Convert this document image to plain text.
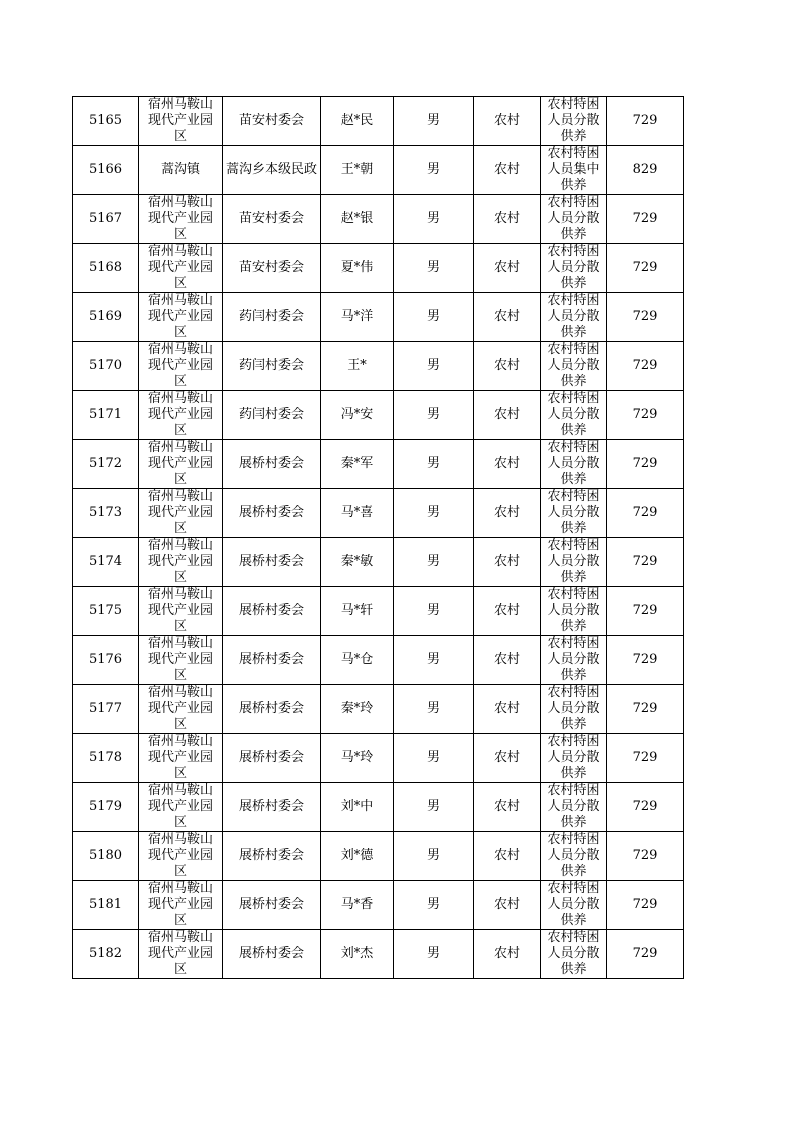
5165	宿州马鞍山现代产业园区	苗安村委会	赵*民	男	农村	农村特困人员分散供养	729

5166	蒿沟镇	蒿沟乡本级民政	王*朝	男	农村	农村特困人员集中供养	829

5167	宿州马鞍山现代产业园区	苗安村委会	赵*银	男	农村	农村特困人员分散供养	729

5168	宿州马鞍山现代产业园区	苗安村委会	夏*伟	男	农村	农村特困人员分散供养	729

5169	宿州马鞍山现代产业园区	药闫村委会	马*洋	男	农村	农村特困人员分散供养	729

5170	宿州马鞍山现代产业园区	药闫村委会	王*	男	农村	农村特困人员分散供养	729

5171	宿州马鞍山现代产业园区	药闫村委会	冯*安	男	农村	农村特困人员分散供养	729

5172	宿州马鞍山现代产业园区	展桥村委会	秦*军	男	农村	农村特困人员分散供养	729

5173	宿州马鞍山现代产业园区	展桥村委会	马*喜	男	农村	农村特困人员分散供养	729

5174	宿州马鞍山现代产业园区	展桥村委会	秦*敏	男	农村	农村特困人员分散供养	729

5175	宿州马鞍山现代产业园区	展桥村委会	马*轩	男	农村	农村特困人员分散供养	729

5176	宿州马鞍山现代产业园区	展桥村委会	马*仓	男	农村	农村特困人员分散供养	729

5177	宿州马鞍山现代产业园区	展桥村委会	秦*玲	男	农村	农村特困人员分散供养	729

5178	宿州马鞍山现代产业园区	展桥村委会	马*玲	男	农村	农村特困人员分散供养	729

5179	宿州马鞍山现代产业园区	展桥村委会	刘*中	男	农村	农村特困人员分散供养	729

5180	宿州马鞍山现代产业园区	展桥村委会	刘*德	男	农村	农村特困人员分散供养	729

5181	宿州马鞍山现代产业园区	展桥村委会	马*香	男	农村	农村特困人员分散供养	729

5182	宿州马鞍山现代产业园区	展桥村委会	刘*杰	男	农村	农村特困人员分散供养	729
